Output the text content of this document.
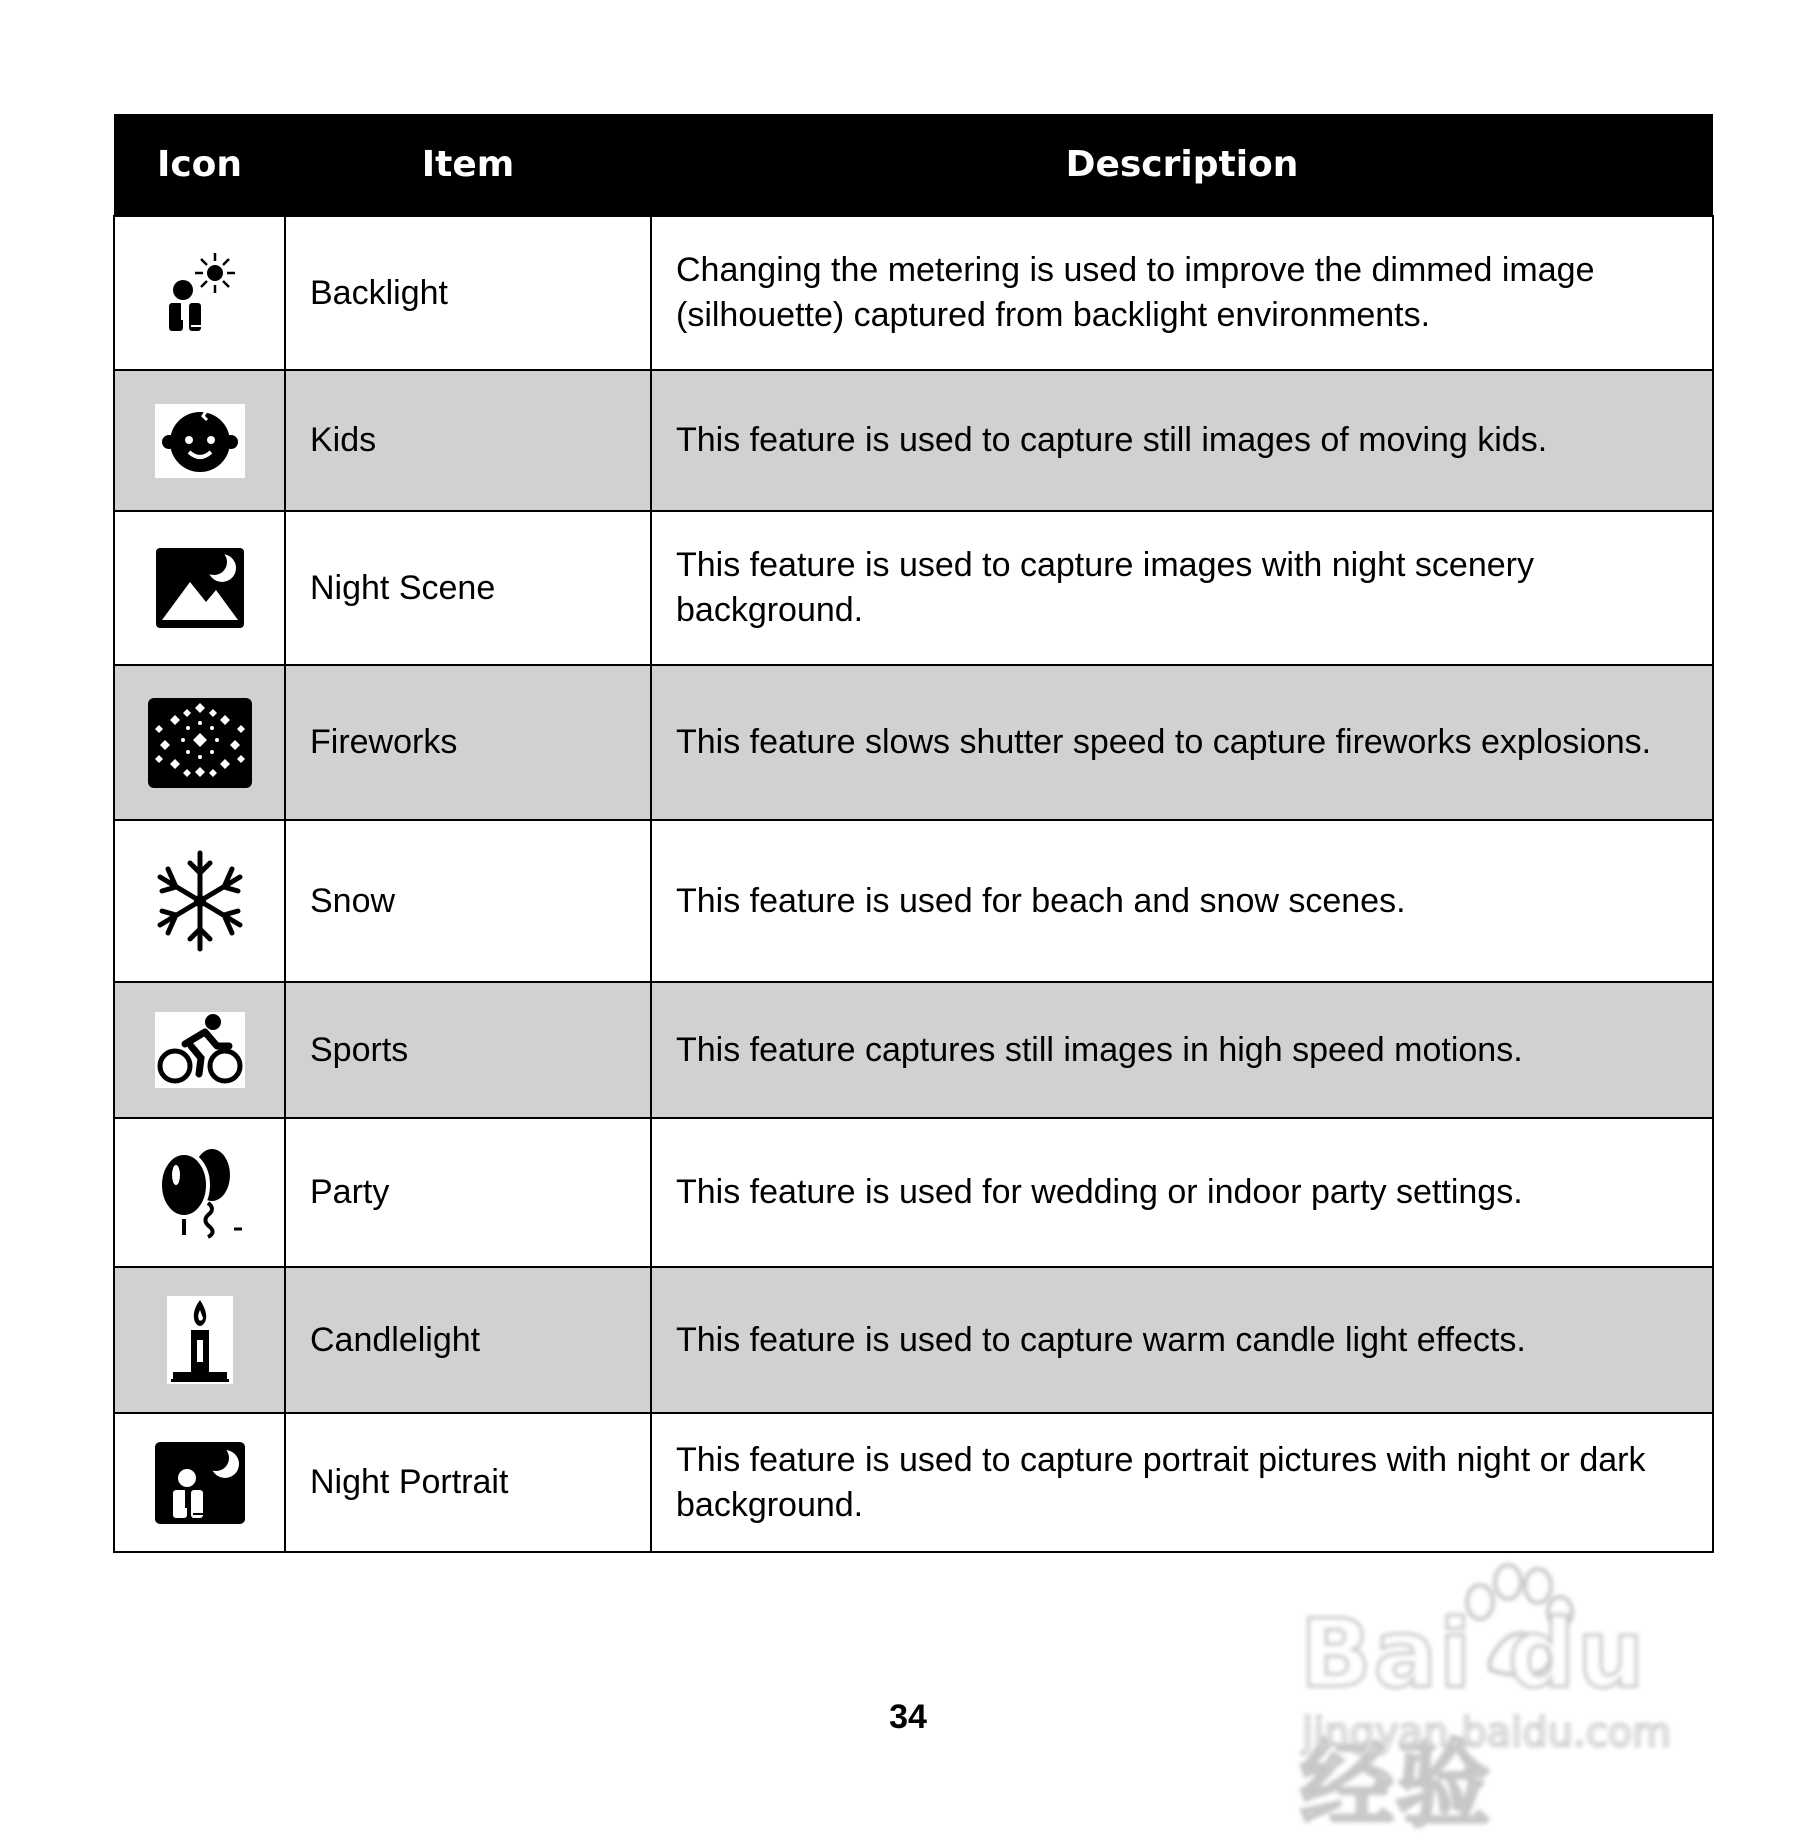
Icon	Item	Description
	Backlight	Changing the metering is used to improve the dimmed image (silhouette) captured from backlight environments.
	Kids	This feature is used to capture still images of moving kids.
	Night Scene	This feature is used to capture images with night scenery background.
	Fireworks	This feature slows shutter speed to capture fireworks explosions.
	Snow	This feature is used for beach and snow scenes.
	Sports	This feature captures still images in high speed motions.
	Party	This feature is used for wedding or indoor party settings.
	Candlelight	This feature is used to capture warm candle light effects.
	Night Portrait	This feature is used to capture portrait pictures with night or dark background.
Bai du 经验
jingyan.baidu.com
34
